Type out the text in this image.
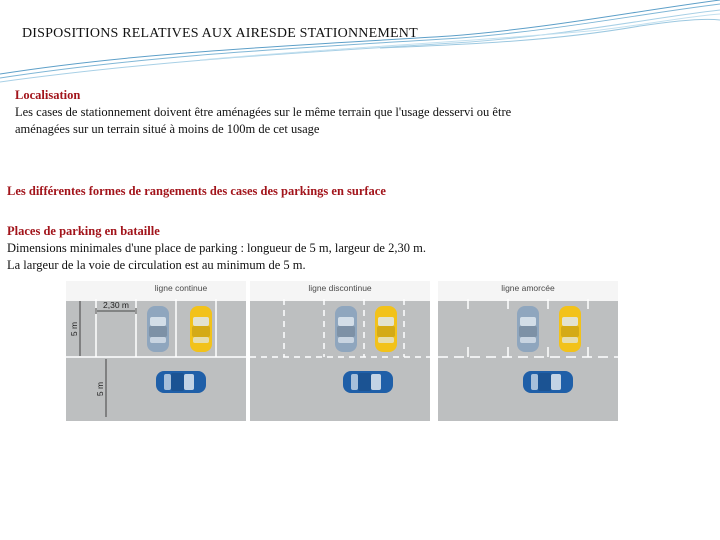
DISPOSITIONS RELATIVES AUX AIRESDE STATIONNEMENT
Localisation
Les cases de stationnement doivent être aménagées sur le même terrain que l'usage desservi ou être
aménagées sur un terrain situé à moins de 100m de cet usage
Les différentes formes de rangements des cases des parkings en surface
Places de parking en bataille
Dimensions minimales d'une place de parking : longueur de 5 m, largeur de 2,30 m.
La largeur de la voie de circulation est au minimum de 5 m.
ligne continue
2,30 m
5 m
5 m
ligne discontinue	ligne amorcée
